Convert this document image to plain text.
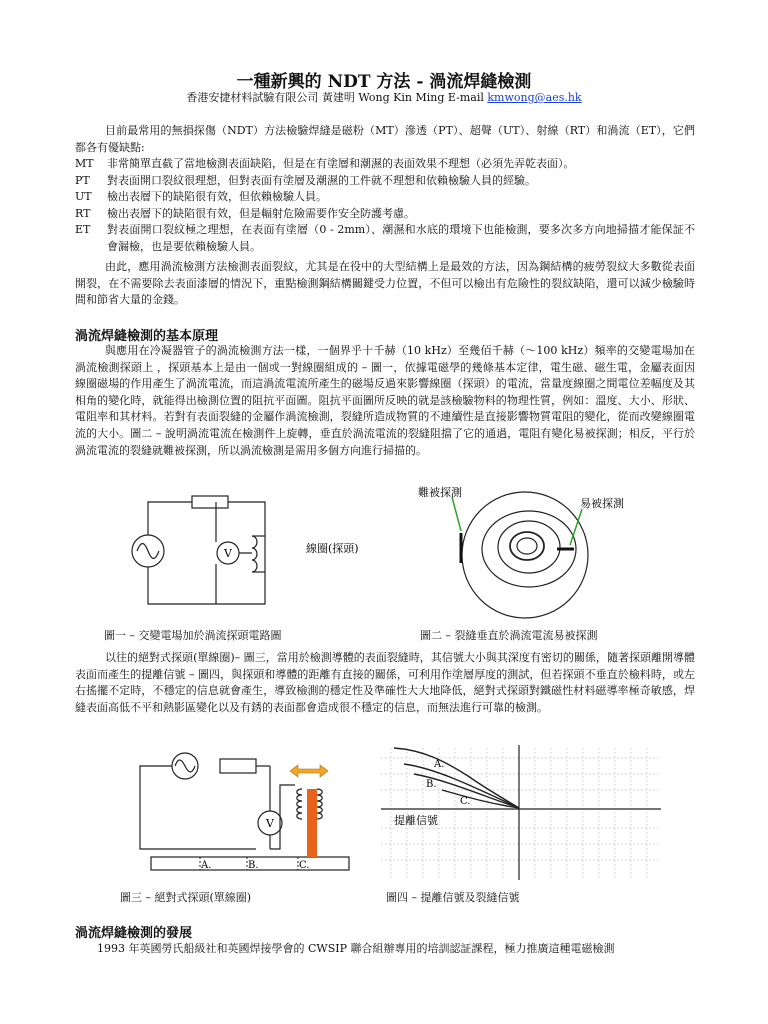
一種新興的 NDT 方法 - 渦流焊縫檢測
香港安捷材料試驗有限公司 黃建明 Wong Kin Ming E-mail kmwong@aes.hk
目前最常用的無損探傷（NDT）方法檢驗焊縫是磁粉（MT）滲透（PT）、超聲（UT）、射線（RT）和渦流（ET），它們都各有優缺點:
MT 非常簡單直截了當地檢測表面缺陷，但是在有塗層和潮濕的表面效果不理想（必須先弄乾表面）。
PT 對表面開口裂紋很理想，但對表面有塗層及潮濕的工件就不理想和依賴檢驗人員的經驗。
UT 檢出表層下的缺陷很有效，但依賴檢驗人員。
RT 檢出表層下的缺陷很有效，但是輻射危險需要作安全防護考慮。
ET	對表面開口裂紋極之理想，在表面有塗層（0 - 2mm）、潮濕和水底的環境下也能檢測，要多次多方向地掃描才能保証不會漏檢，也是要依賴檢驗人員。
由此，應用渦流檢測方法檢測表面裂紋，尤其是在役中的大型結構上是最效的方法，因為鋼結構的疲勞裂紋大多數從表面開裂，在不需要除去表面漆層的情況下，重點檢測鋼結構關鍵受力位置，不但可以檢出有危險性的裂紋缺陷，還可以減少檢驗時間和節省大量的金錢。
渦流焊縫檢測的基本原理
與應用在冷凝器管子的渦流檢測方法一樣，一個界乎十千赫（10 kHz）至幾佰千赫（～100 kHz）頻率的交變電場加在渦流檢測探頭上 ，探頭基本上是由一個或一對線圈組成的 – 圖一，依據電磁學的幾條基本定律，電生磁、磁生電，金屬表面因線圈磁場的作用產生了渦流電流，而這渦流電流所產生的磁場反過來影響線圈（探頭）的電流，當量度線圈之間電位差幅度及其相角的變化時，就能得出檢測位置的阻抗平面圖。阻抗平面圖所反映的就是該檢驗物料的物理性質，例如：溫度、大小、形狀、電阻率和其材料。若對有表面裂縫的金屬作渦流檢測，裂縫所造成物質的不連續性是直接影響物質電阻的變化，從而改變線圈電流的大小。圖二 – 說明渦流電流在檢測件上旋轉，垂直於渦流電流的裂縫阻擋了它的通過，電阻有變化易被探測；相反，平行於渦流電流的裂縫就難被探測，所以渦流檢測是需用多個方向進行掃描的。
V	線圈(探頭)
難被探測
易被探測
圖一 – 交變電場加於渦流探頭電路圖	圖二 – 裂縫垂直於渦流電流易被探測
以往的絕對式探頭(單線圈)– 圖三，當用於檢測導體的表面裂縫時，其信號大小與其深度有密切的關係，隨著探頭離開導體表面而產生的提離信號 – 圖四，與探頭和導體的距離有直接的關係，可利用作塗層厚度的測試，但若探頭不垂直於檢料時，或左右搖擺不定時，不穩定的信息就會產生，導致檢測的穩定性及準確性大大地降低，絕對式探頭對鐵磁性材料磁導率極奇敏感，焊縫表面高低不平和熱影區變化以及有銹的表面都會造成很不穩定的信息，而無法進行可靠的檢測。
V
A.	B.	C.
A.
B.
C.
提離信號
圖三 – 絕對式探頭(單線圈)	圖四 – 提離信號及裂縫信號
渦流焊縫檢測的發展
1993 年英國勞氏船級社和英國焊接學會的 CWSIP 聯合組辦專用的培訓認証課程，極力推廣這種電磁檢測
